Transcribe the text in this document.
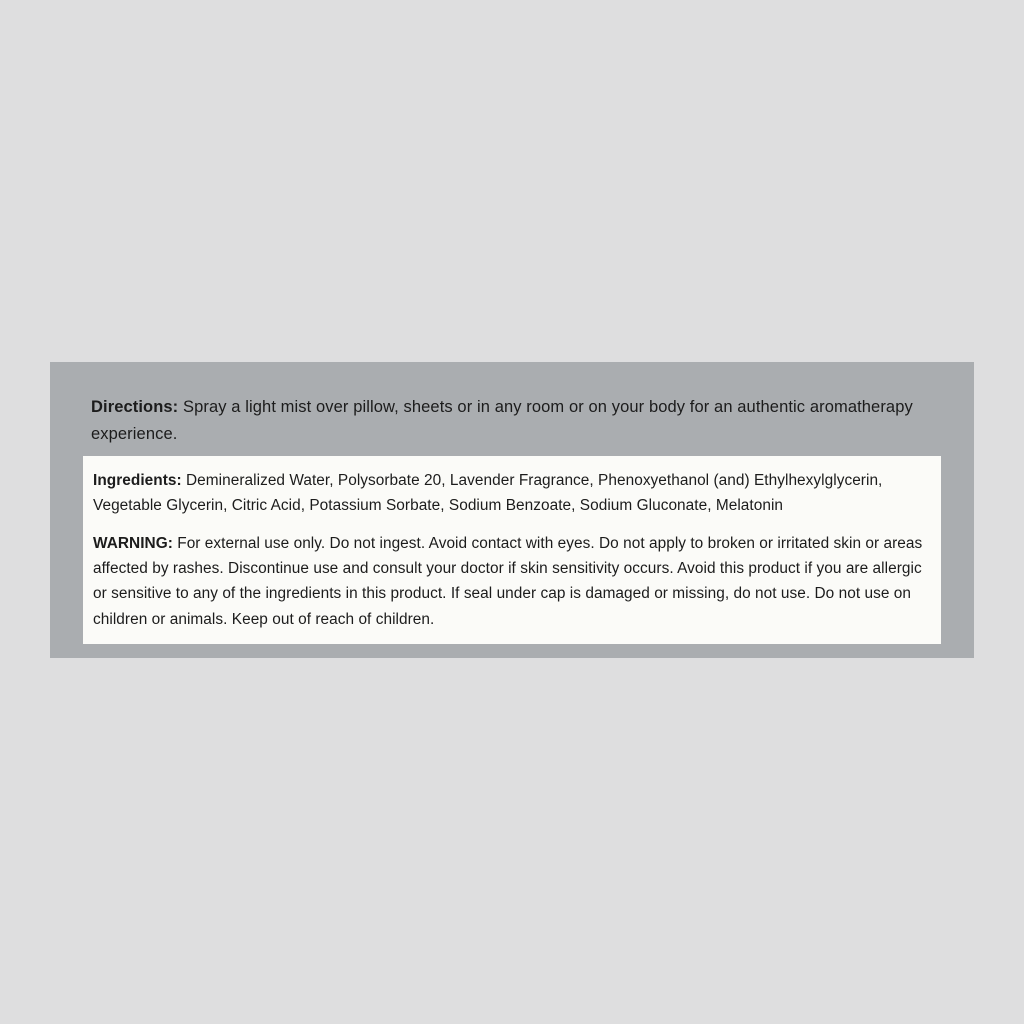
Directions: Spray a light mist over pillow, sheets or in any room or on your body for an authentic aromatherapy experience.

Ingredients: Demineralized Water, Polysorbate 20, Lavender Fragrance, Phenoxyethanol (and) Ethylhexylglycerin, Vegetable Glycerin, Citric Acid, Potassium Sorbate, Sodium Benzoate, Sodium Gluconate, Melatonin

WARNING: For external use only. Do not ingest. Avoid contact with eyes. Do not apply to broken or irritated skin or areas affected by rashes. Discontinue use and consult your doctor if skin sensitivity occurs. Avoid this product if you are allergic or sensitive to any of the ingredients in this product. If seal under cap is damaged or missing, do not use. Do not use on children or animals. Keep out of reach of children.
